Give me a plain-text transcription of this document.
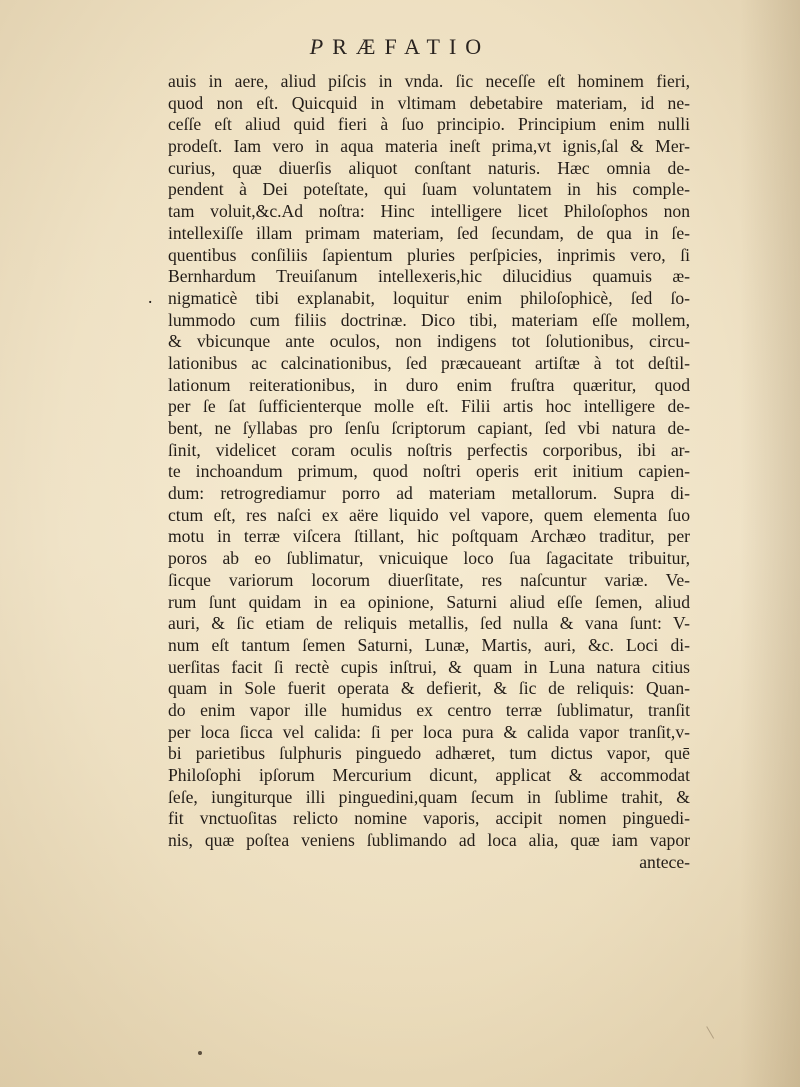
PRÆFATIO
.
auis in aere, aliud piſcis in vnda. ſic neceſſe eſt hominem fieri,
quod non eſt. Quicquid in vltimam debetabire materiam, id ne-
ceſſe eſt aliud quid fieri à ſuo principio. Principium enim nulli
prodeſt. Iam vero in aqua materia ineſt prima,vt ignis,ſal & Mer-
curius, quæ diuerſis aliquot conſtant naturis. Hæc omnia de-
pendent à Dei poteſtate, qui ſuam voluntatem in his comple-
tam voluit,&c.Ad noſtra: Hinc intelligere licet Philoſophos non
intellexiſſe illam primam materiam, ſed ſecundam, de qua in ſe-
quentibus conſiliis ſapientum pluries perſpicies, inprimis vero, ſi
Bernhardum Treuiſanum intellexeris,hic dilucidius quamuis æ-
nigmaticè tibi explanabit, loquitur enim philoſophicè, ſed ſo-
lummodo cum filiis doctrinæ. Dico tibi, materiam eſſe mollem,
& vbicunque ante oculos, non indigens tot ſolutionibus, circu-
lationibus ac calcinationibus, ſed præcaueant artiſtæ à tot deſtil-
lationum reiterationibus, in duro enim fruſtra quæritur, quod
per ſe ſat ſufficienterque molle eſt. Filii artis hoc intelligere de-
bent, ne ſyllabas pro ſenſu ſcriptorum capiant, ſed vbi natura de-
ſinit, videlicet coram oculis noſtris perfectis corporibus, ibi ar-
te inchoandum primum, quod noſtri operis erit initium capien-
dum: retrogrediamur porro ad materiam metallorum. Supra di-
ctum eſt, res naſci ex aëre liquido vel vapore, quem elementa ſuo
motu in terræ viſcera ſtillant, hic poſtquam Archæo traditur, per
poros ab eo ſublimatur, vnicuique loco ſua ſagacitate tribuitur,
ſicque variorum locorum diuerſitate, res naſcuntur variæ. Ve-
rum ſunt quidam in ea opinione, Saturni aliud eſſe ſemen, aliud
auri, & ſic etiam de reliquis metallis, ſed nulla & vana ſunt: V-
num eſt tantum ſemen Saturni, Lunæ, Martis, auri, &c. Loci di-
uerſitas facit ſi rectè cupis inſtrui, & quam in Luna natura citius
quam in Sole fuerit operata & defierit, & ſic de reliquis: Quan-
do enim vapor ille humidus ex centro terræ ſublimatur, tranſit
per loca ſicca vel calida: ſi per loca pura & calida vapor tranſit,v-
bi parietibus ſulphuris pinguedo adhæret, tum dictus vapor, quē
Philoſophi ipſorum Mercurium dicunt, applicat & accommodat
ſeſe, iungiturque illi pinguedini,quam ſecum in ſublime trahit, &
fit vnctuoſitas relicto nomine vaporis, accipit nomen pinguedi-
nis, quæ poſtea veniens ſublimando ad loca alia, quæ iam vapor
antece-
